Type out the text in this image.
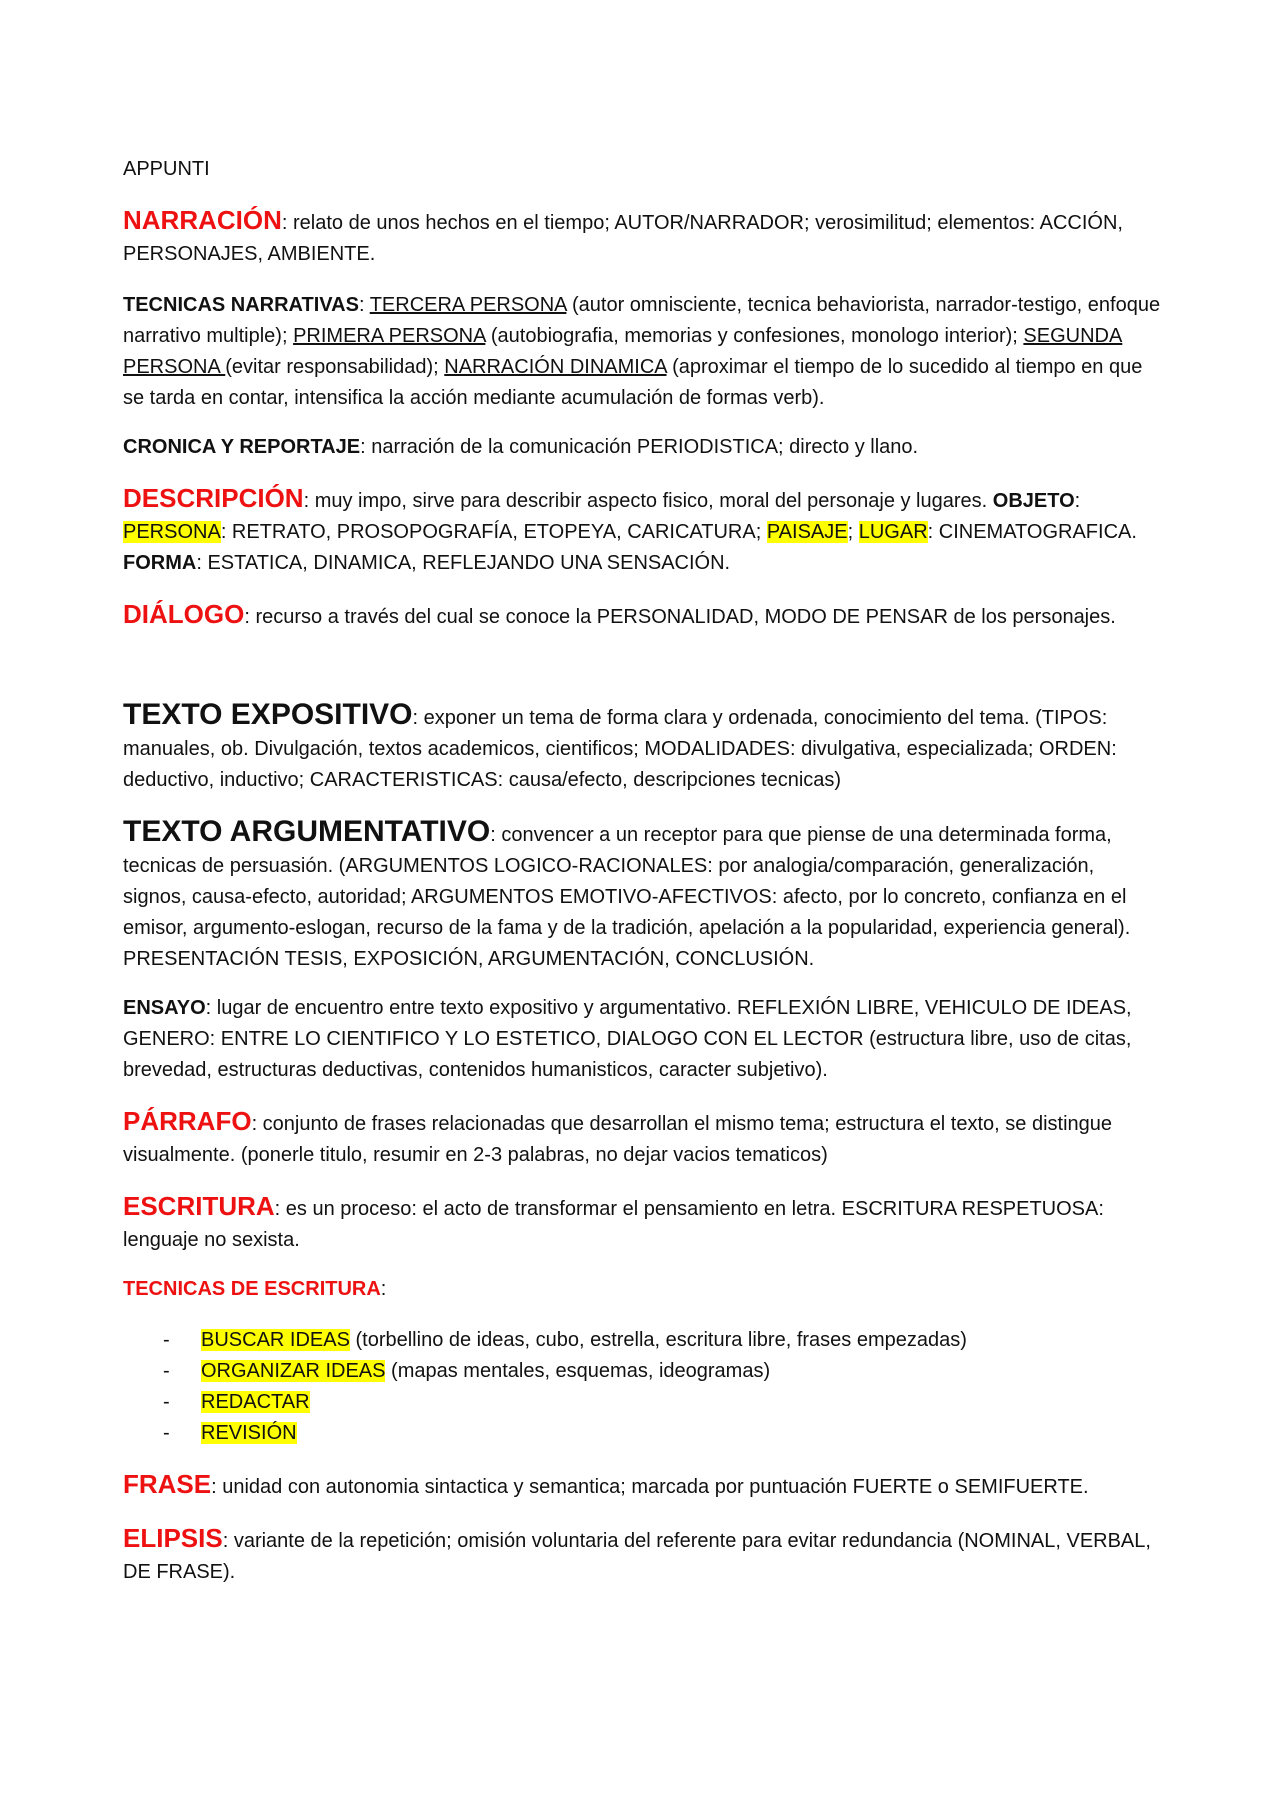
APPUNTI

NARRACIÓN: relato de unos hechos en el tiempo; AUTOR/NARRADOR; verosimilitud; elementos: ACCIÓN, PERSONAJES, AMBIENTE.

TECNICAS NARRATIVAS: TERCERA PERSONA (autor omnisciente, tecnica behaviorista, narrador-testigo, enfoque narrativo multiple); PRIMERA PERSONA (autobiografia, memorias y confesiones, monologo interior); SEGUNDA PERSONA (evitar responsabilidad); NARRACIÓN DINAMICA (aproximar el tiempo de lo sucedido al tiempo en que se tarda en contar, intensifica la acción mediante acumulación de formas verb).

CRONICA Y REPORTAJE: narración de la comunicación PERIODISTICA; directo y llano.

DESCRIPCIÓN: muy impo, sirve para describir aspecto fisico, moral del personaje y lugares. OBJETO: PERSONA: RETRATO, PROSOPOGRAFÍA, ETOPEYA, CARICATURA; PAISAJE; LUGAR: CINEMATOGRAFICA. FORMA: ESTATICA, DINAMICA, REFLEJANDO UNA SENSACIÓN.

DIÁLOGO: recurso a través del cual se conoce la PERSONALIDAD, MODO DE PENSAR de los personajes.

TEXTO EXPOSITIVO: exponer un tema de forma clara y ordenada, conocimiento del tema. (TIPOS: manuales, ob. Divulgación, textos academicos, cientificos; MODALIDADES: divulgativa, especializada; ORDEN: deductivo, inductivo; CARACTERISTICAS: causa/efecto, descripciones tecnicas)

TEXTO ARGUMENTATIVO: convencer a un receptor para que piense de una determinada forma, tecnicas de persuasión. (ARGUMENTOS LOGICO-RACIONALES: por analogia/comparación, generalización, signos, causa-efecto, autoridad; ARGUMENTOS EMOTIVO-AFECTIVOS: afecto, por lo concreto, confianza en el emisor, argumento-eslogan, recurso de la fama y de la tradición, apelación a la popularidad, experiencia general). PRESENTACIÓN TESIS, EXPOSICIÓN, ARGUMENTACIÓN, CONCLUSIÓN.

ENSAYO: lugar de encuentro entre texto expositivo y argumentativo. REFLEXIÓN LIBRE, VEHICULO DE IDEAS, GENERO: ENTRE LO CIENTIFICO Y LO ESTETICO, DIALOGO CON EL LECTOR (estructura libre, uso de citas, brevedad, estructuras deductivas, contenidos humanisticos, caracter subjetivo).

PÁRRAFO: conjunto de frases relacionadas que desarrollan el mismo tema; estructura el texto, se distingue visualmente. (ponerle titulo, resumir en 2-3 palabras, no dejar vacios tematicos)

ESCRITURA: es un proceso: el acto de transformar el pensamiento en letra. ESCRITURA RESPETUOSA: lenguaje no sexista.

TECNICAS DE ESCRITURA:

- BUSCAR IDEAS (torbellino de ideas, cubo, estrella, escritura libre, frases empezadas)
- ORGANIZAR IDEAS (mapas mentales, esquemas, ideogramas)
- REDACTAR
- REVISIÓN

FRASE: unidad con autonomia sintactica y semantica; marcada por puntuación FUERTE o SEMIFUERTE.

ELIPSIS: variante de la repetición; omisión voluntaria del referente para evitar redundancia (NOMINAL, VERBAL, DE FRASE).
